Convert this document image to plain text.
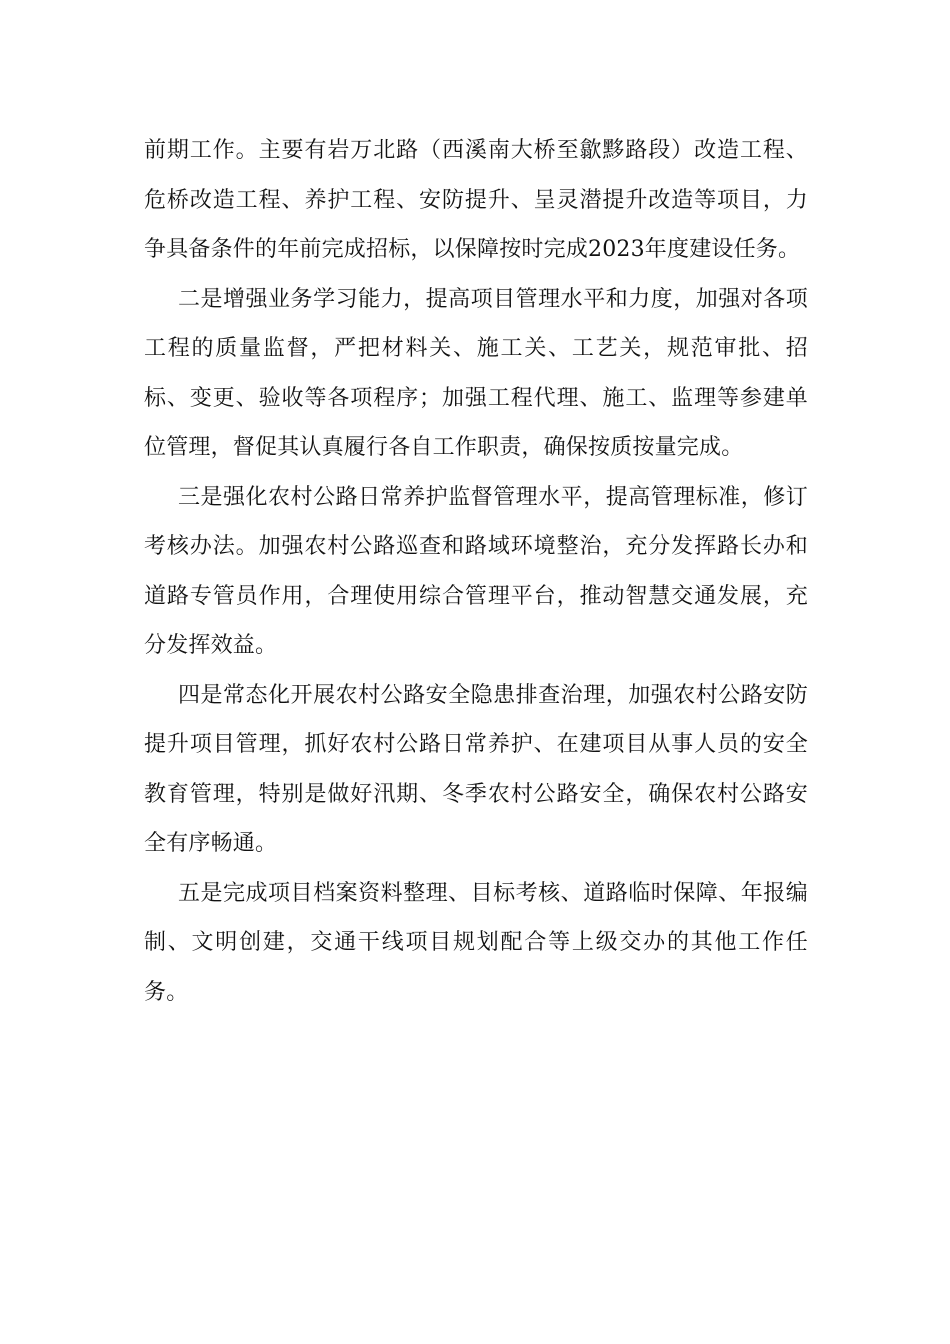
前期工作。主要有岩万北路（西溪南大桥至歙黟路段）改造工程、危桥改造工程、养护工程、安防提升、呈灵潜提升改造等项目，力争具备条件的年前完成招标，以保障按时完成2023年度建设任务。

二是增强业务学习能力，提高项目管理水平和力度，加强对各项工程的质量监督，严把材料关、施工关、工艺关，规范审批、招标、变更、验收等各项程序；加强工程代理、施工、监理等参建单位管理，督促其认真履行各自工作职责，确保按质按量完成。

三是强化农村公路日常养护监督管理水平，提高管理标准，修订考核办法。加强农村公路巡查和路域环境整治，充分发挥路长办和道路专管员作用，合理使用综合管理平台，推动智慧交通发展，充分发挥效益。

四是常态化开展农村公路安全隐患排查治理，加强农村公路安防提升项目管理，抓好农村公路日常养护、在建项目从事人员的安全教育管理，特别是做好汛期、冬季农村公路安全，确保农村公路安全有序畅通。

五是完成项目档案资料整理、目标考核、道路临时保障、年报编制、文明创建，交通干线项目规划配合等上级交办的其他工作任务。
